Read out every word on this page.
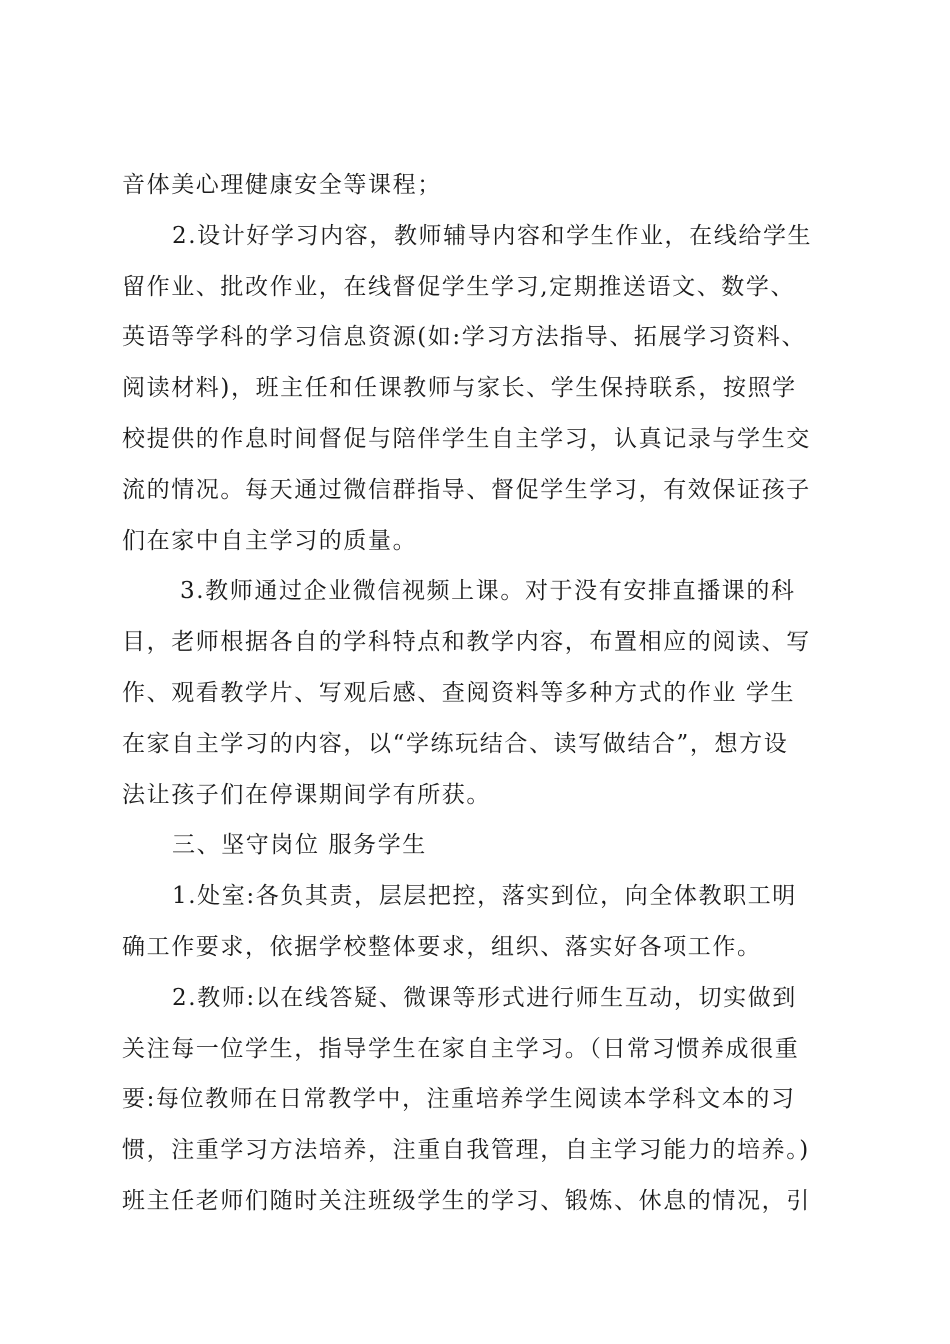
音体美心理健康安全等课程；
2.设计好学习内容，教师辅导内容和学生作业，在线给学生
留作业、批改作业，在线督促学生学习,定期推送语文、数学、
英语等学科的学习信息资源(如:学习方法指导、拓展学习资料、
阅读材料)，班主任和任课教师与家长、学生保持联系，按照学
校提供的作息时间督促与陪伴学生自主学习，认真记录与学生交
流的情况。每天通过微信群指导、督促学生学习，有效保证孩子
们在家中自主学习的质量。
3.教师通过企业微信视频上课。对于没有安排直播课的科
目，老师根据各自的学科特点和教学内容，布置相应的阅读、写
作、观看教学片、写观后感、查阅资料等多种方式的作业 学生
在家自主学习的内容，以“学练玩结合、读写做结合”，想方设
法让孩子们在停课期间学有所获。
三、坚守岗位 服务学生
1.处室:各负其责，层层把控，落实到位，向全体教职工明
确工作要求，依据学校整体要求，组织、落实好各项工作。
2.教师:以在线答疑、微课等形式进行师生互动，切实做到
关注每一位学生，指导学生在家自主学习。（日常习惯养成很重
要:每位教师在日常教学中，注重培养学生阅读本学科文本的习
惯，注重学习方法培养，注重自我管理，自主学习能力的培养。)
班主任老师们随时关注班级学生的学习、锻炼、休息的情况，引
